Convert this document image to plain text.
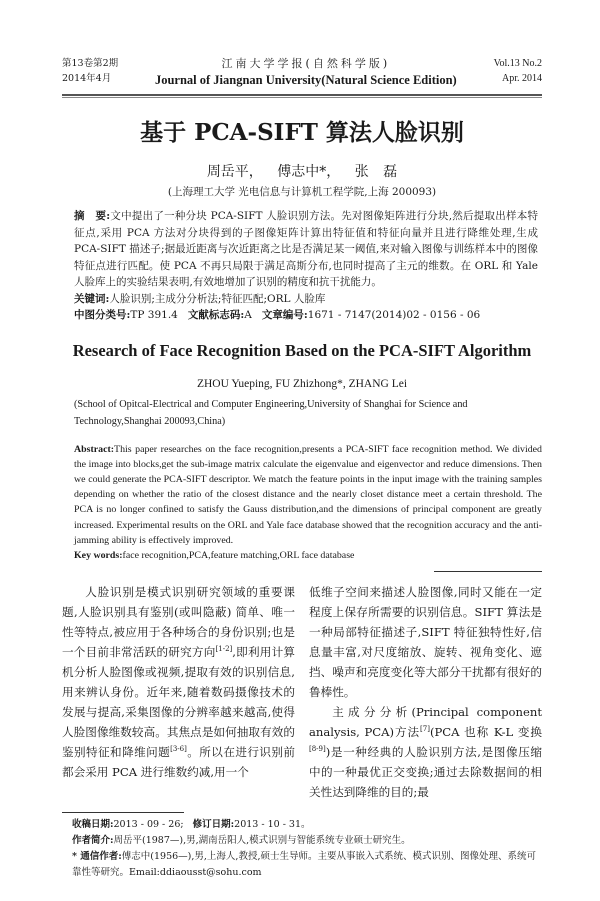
第13卷第2期
2014年4月
江南大学学报(自然科学版)
Journal of Jiangnan University(Natural Science Edition)
Vol.13 No.2
Apr. 2014
基于 PCA-SIFT 算法人脸识别
周岳平， 傅志中*， 张 磊
(上海理工大学 光电信息与计算机工程学院,上海 200093)
摘　要:文中提出了一种分块 PCA-SIFT 人脸识别方法。先对图像矩阵进行分块,然后提取出样本特征点,采用 PCA 方法对分块得到的子图像矩阵计算出特征值和特征向量并且进行降维处理,生成 PCA-SIFT 描述子;据最近距离与次近距离之比是否满足某一阈值,来对输入图像与训练样本中的图像特征点进行匹配。使 PCA 不再只局限于满足高斯分布,也同时提高了主元的维数。在 ORL 和 Yale 人脸库上的实验结果表明,有效地增加了识别的精度和抗干扰能力。
关键词:人脸识别;主成分分析法;特征匹配;ORL 人脸库
中图分类号:TP 391.4 文献标志码:A 文章编号:1671 - 7147(2014)02 - 0156 - 06
Research of Face Recognition Based on the PCA-SIFT Algorithm
ZHOU Yueping, FU Zhizhong*, ZHANG Lei
(School of Opitcal-Electrical and Computer Engineering,University of Shanghai for Science and Technology,Shanghai 200093,China)
Abstract:This paper researches on the face recognition,presents a PCA-SIFT face recognition method. We divided the image into blocks,get the sub-image matrix calculate the eigenvalue and eigenvector and reduce dimensions. Then we could generate the PCA-SIFT descriptor. We match the feature points in the input image with the training samples depending on whether the ratio of the closest distance and the nearly closet distance meet a certain threshold. The PCA is no longer confined to satisfy the Gauss distribution,and the dimensions of principal component are greatly increased. Experimental results on the ORL and Yale face database showed that the recognition accuracy and the anti-jamming ability is effectively improved.
Key words:face recognition,PCA,feature matching,ORL face database

人脸识别是模式识别研究领域的重要课题,人脸识别具有鉴别(或叫隐蔽) 简单、唯一性等特点,被应用于各种场合的身份识别;也是一个目前非常活跃的研究方向[1-2],即利用计算机分析人脸图像或视频,提取有效的识别信息,用来辨认身份。近年来,随着数码摄像技术的发展与提高,采集图像的分辨率越来越高,使得人脸图像维数较高。其焦点是如何抽取有效的鉴别特征和降维问题[3-6]。所以在进行识别前都会采用 PCA 进行维数约减,用一个

低维子空间来描述人脸图像,同时又能在一定程度上保存所需要的识别信息。SIFT 算法是一种局部特征描述子,SIFT 特征独特性好,信息量丰富,对尺度缩放、旋转、视角变化、遮挡、噪声和亮度变化等大部分干扰都有很好的鲁棒性。

主成分分析(Principal component analysis, PCA)方法[7](PCA 也称 K-L 变换[8-9])是一种经典的人脸识别方法,是图像压缩中的一种最优正交变换;通过去除数据间的相关性达到降维的目的;最

收稿日期:2013 - 09 - 26; 修订日期:2013 - 10 - 31。
作者简介:周岳平(1987—),男,湖南岳阳人,模式识别与智能系统专业硕士研究生。
* 通信作者:傅志中(1956—),男,上海人,教授,硕士生导师。主要从事嵌入式系统、模式识别、图像处理、系统可靠性等研究。Email:ddiaousst@sohu.com
